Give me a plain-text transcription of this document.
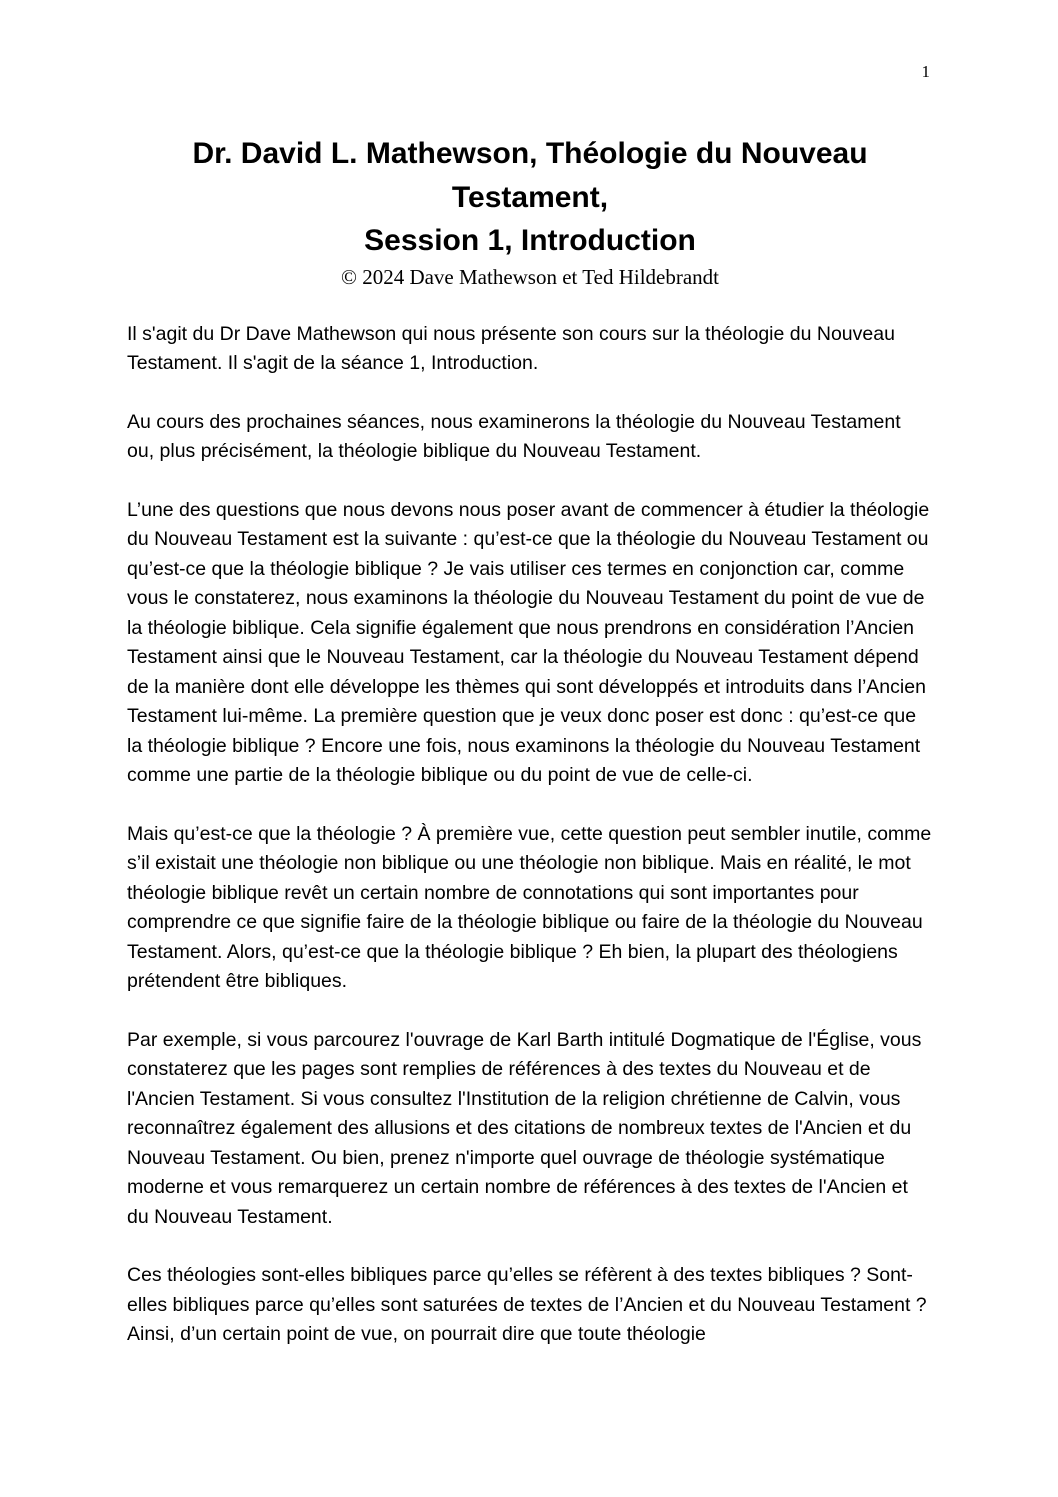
1
Dr. David L. Mathewson, Théologie du Nouveau Testament,
Session 1, Introduction

© 2024 Dave Mathewson et Ted Hildebrandt

Il s'agit du Dr Dave Mathewson qui nous présente son cours sur la théologie du Nouveau Testament. Il s'agit de la séance 1, Introduction.

Au cours des prochaines séances, nous examinerons la théologie du Nouveau Testament ou, plus précisément, la théologie biblique du Nouveau Testament.

L’une des questions que nous devons nous poser avant de commencer à étudier la théologie du Nouveau Testament est la suivante : qu’est-ce que la théologie du Nouveau Testament ou qu’est-ce que la théologie biblique ? Je vais utiliser ces termes en conjonction car, comme vous le constaterez, nous examinons la théologie du Nouveau Testament du point de vue de la théologie biblique. Cela signifie également que nous prendrons en considération l’Ancien Testament ainsi que le Nouveau Testament, car la théologie du Nouveau Testament dépend de la manière dont elle développe les thèmes qui sont développés et introduits dans l’Ancien Testament lui-même. La première question que je veux donc poser est donc : qu’est-ce que la théologie biblique ? Encore une fois, nous examinons la théologie du Nouveau Testament comme une partie de la théologie biblique ou du point de vue de celle-ci.

Mais qu’est-ce que la théologie ? À première vue, cette question peut sembler inutile, comme s’il existait une théologie non biblique ou une théologie non biblique. Mais en réalité, le mot théologie biblique revêt un certain nombre de connotations qui sont importantes pour comprendre ce que signifie faire de la théologie biblique ou faire de la théologie du Nouveau Testament. Alors, qu’est-ce que la théologie biblique ? Eh bien, la plupart des théologiens prétendent être bibliques.

Par exemple, si vous parcourez l'ouvrage de Karl Barth intitulé Dogmatique de l'Église, vous constaterez que les pages sont remplies de références à des textes du Nouveau et de l'Ancien Testament. Si vous consultez l'Institution de la religion chrétienne de Calvin, vous reconnaîtrez également des allusions et des citations de nombreux textes de l'Ancien et du Nouveau Testament. Ou bien, prenez n'importe quel ouvrage de théologie systématique moderne et vous remarquerez un certain nombre de références à des textes de l'Ancien et du Nouveau Testament.

Ces théologies sont-elles bibliques parce qu’elles se réfèrent à des textes bibliques ? Sont-elles bibliques parce qu’elles sont saturées de textes de l’Ancien et du Nouveau Testament ? Ainsi, d’un certain point de vue, on pourrait dire que toute théologie
